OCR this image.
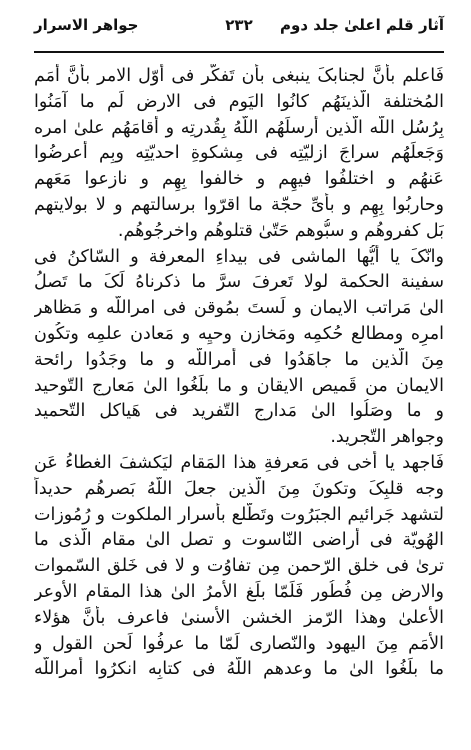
آثار قلم اعلیٰ جلد دوم
۲۳۲
جواهر الاسرار
فَاعلم بأنَّ لجنابکَ ینبغی بأن تَفکَّر فی أوّل الامر بأنَّ أُمَم
المُختلفة الّذینَهُم کانُوا الیَوم فی الارض لَم ما آمَنُوا
بِرُسُل اللّه الّذین أرسلَهُم اللّهُ بِقُدرتِه و أقامَهُم علیٰ امره
وَجَعلَهُم سراجَ ازلیّتِه فی مِشکوةِ احدیّتِه وبِم أعرضُوا
عَنهُم و اختلفُوا فیهِم و خالفوا بِهِم و نازعوا مَعَهم
وحاربُوا بِهِم و بأیِّ حجّة ما اقرّوا برسالتهم و لا بولایتهم
بَل کفروهُم و سبُّوهم حَتّیٰ قتلوهُم واخرجُوهُم.
وانّکَ یا أیُّها الماشی فی بیداءِ المعرفة و السّاکنُ فی
سفینة الحکمة لولا تَعرفَ سرَّ ما ذکرناهُ لَکَ ما تَصلُ
الیٰ مَراتب الایمان و لَستَ بمُوقن فی امراللّه و مَظاهر
امرِه ومطالع حُکمِه ومَخازن وحیِه و مَعادن علمِه وتکُون
مِنَ الّذین ما جاهَدُوا فی أمراللّه و ما وجَدُوا رائحة
الایمان من قَمیص الایقان و ما بلَغُوا الیٰ مَعارج التّوحید
و ما وصَلُوا الیٰ مَدارج التّفرید فی هَیاکل التّحمید
وجواهر التّجرید.
فَاجهد یا أخی فی مَعرفةِ هذا المَقام لیَکشفَ الغطاءُ عَن
وجه قلبِکَ وتکونَ مِنَ الّذین جعلَ اللّهُ بَصرهُم حدیداً
لتشهد جَرائیم الجبَرُوت وتَطّلع بأسرار الملکوت و رُمُوزات
الهُویّة فی أراضی النّاسوت و تصل الیٰ مقام الّذی ما
تریٰ فی خلق الرّحمن مِن تفاوُت و لا فی خَلق السّموات
والارض مِن فُطُور فَلَمّا بلَغ الأمرُ الیٰ هذا المقام الأوعر
الأعلیٰ وهذا الرّمز الخشن الأسنیٰ فاعرف بأنَّ هؤلاء
الأُمَم مِنَ الیهود والنّصاری لَمّا ما عرفُوا لَحن القول و
ما بلَغُوا الیٰ ما وعدهم اللّهُ فی کتابِه انکرُوا أمراللّه
